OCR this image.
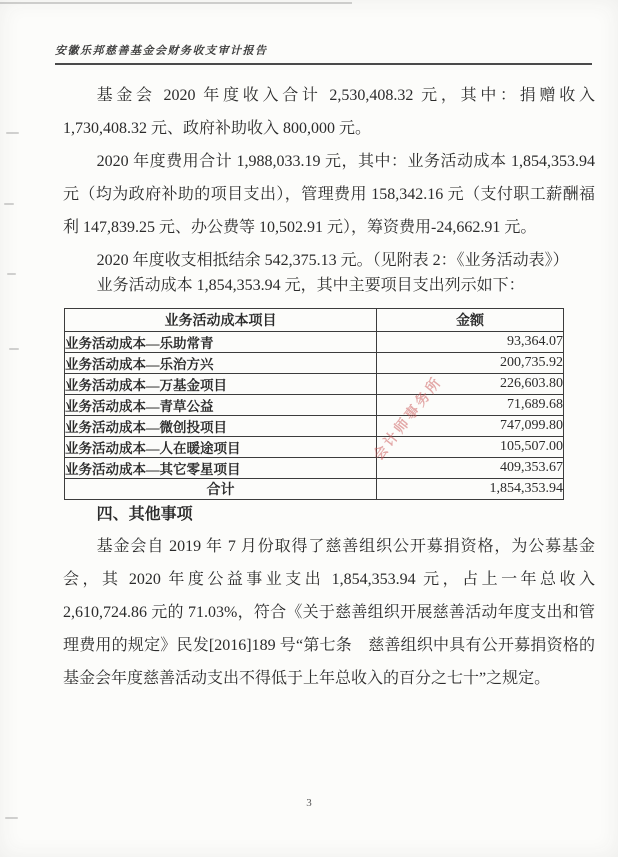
安徽乐邦慈善基金会财务收支审计报告

基金会 2020 年度收入合计 2,530,408.32 元，其中：捐赠收入 1,730,408.32 元、政府补助收入 800,000 元。

2020 年度费用合计 1,988,033.19 元，其中：业务活动成本 1,854,353.94 元（均为政府补助的项目支出），管理费用 158,342.16 元（支付职工薪酬福利 147,839.25 元、办公费等 10,502.91 元），筹资费用-24,662.91 元。

2020 年度收支相抵结余 542,375.13 元。（见附表 2：《业务活动表》）

业务活动成本 1,854,353.94 元，其中主要项目支出列示如下：

业务活动成本项目	金额
业务活动成本—乐助常青	93,364.07
业务活动成本—乐治方兴	200,735.92
业务活动成本—万基金项目	226,603.80
业务活动成本—青草公益	71,689.68
业务活动成本—微创投项目	747,099.80
业务活动成本—人在暖途项目	105,507.00
业务活动成本—其它零星项目	409,353.67
合计	1,854,353.94

四、其他事项

基金会自 2019 年 7 月份取得了慈善组织公开募捐资格，为公募基金会，其 2020 年度公益事业支出 1,854,353.94 元，占上一年总收入 2,610,724.86 元的 71.03%，符合《关于慈善组织开展慈善活动年度支出和管理费用的规定》民发[2016]189 号“第七条　慈善组织中具有公开募捐资格的基金会年度慈善活动支出不得低于上年总收入的百分之七十”之规定。

会计师事务所
3
